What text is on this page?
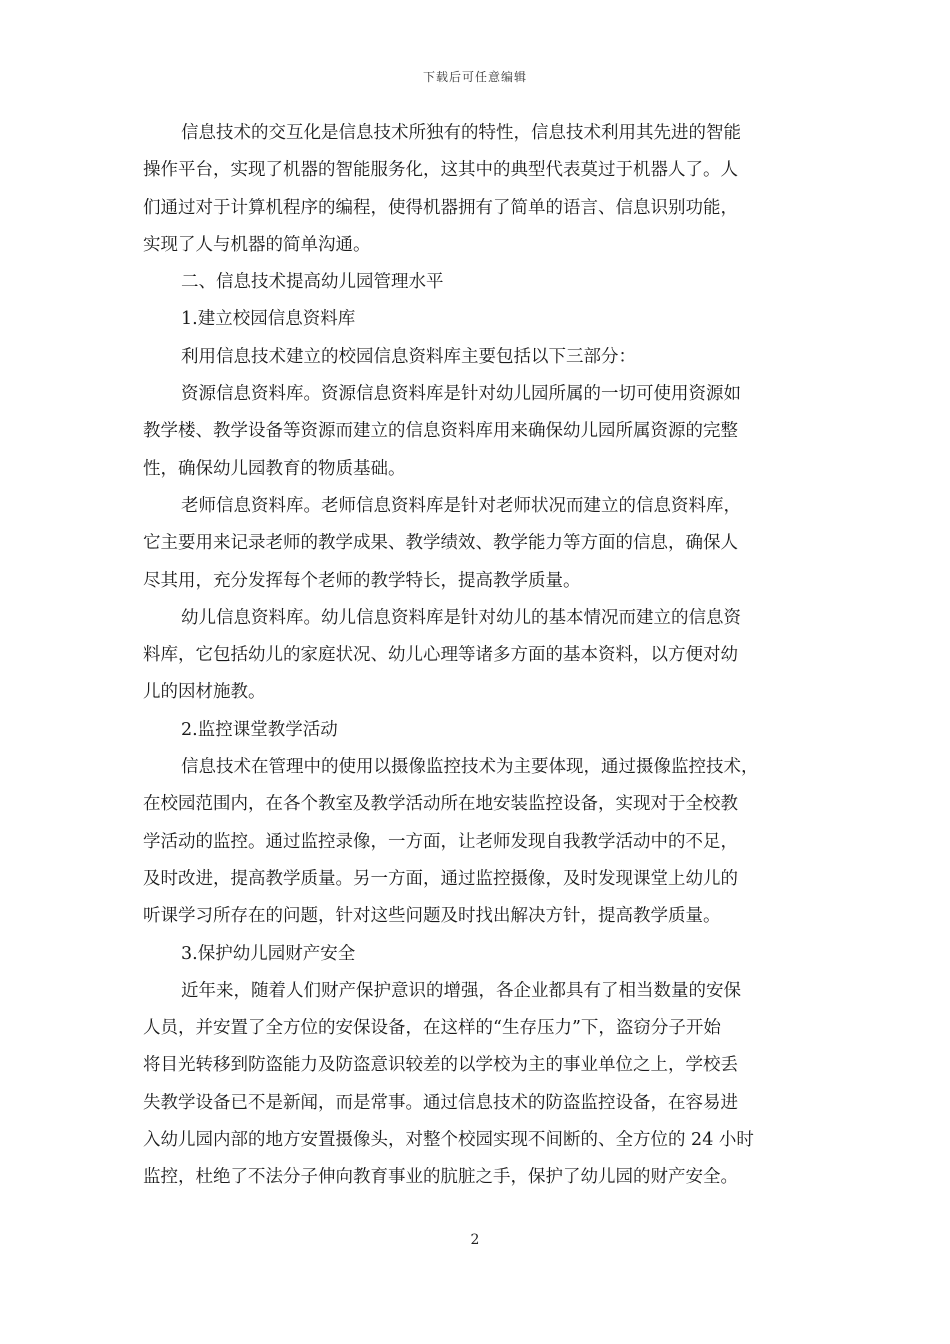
下载后可任意编辑
信息技术的交互化是信息技术所独有的特性，信息技术利用其先进的智能
操作平台，实现了机器的智能服务化，这其中的典型代表莫过于机器人了。人
们通过对于计算机程序的编程，使得机器拥有了简单的语言、信息识别功能，
实现了人与机器的简单沟通。
二、信息技术提高幼儿园管理水平
1.建立校园信息资料库
利用信息技术建立的校园信息资料库主要包括以下三部分：
资源信息资料库。资源信息资料库是针对幼儿园所属的一切可使用资源如
教学楼、教学设备等资源而建立的信息资料库用来确保幼儿园所属资源的完整
性，确保幼儿园教育的物质基础。
老师信息资料库。老师信息资料库是针对老师状况而建立的信息资料库，
它主要用来记录老师的教学成果、教学绩效、教学能力等方面的信息，确保人
尽其用，充分发挥每个老师的教学特长，提高教学质量。
幼儿信息资料库。幼儿信息资料库是针对幼儿的基本情况而建立的信息资
料库，它包括幼儿的家庭状况、幼儿心理等诸多方面的基本资料，以方便对幼
儿的因材施教。
2.监控课堂教学活动
信息技术在管理中的使用以摄像监控技术为主要体现，通过摄像监控技术，
在校园范围内，在各个教室及教学活动所在地安装监控设备，实现对于全校教
学活动的监控。通过监控录像，一方面，让老师发现自我教学活动中的不足，
及时改进，提高教学质量。另一方面，通过监控摄像，及时发现课堂上幼儿的
听课学习所存在的问题，针对这些问题及时找出解决方针，提高教学质量。
3.保护幼儿园财产安全
近年来，随着人们财产保护意识的增强，各企业都具有了相当数量的安保
人员，并安置了全方位的安保设备，在这样的“生存压力”下，盗窃分子开始
将目光转移到防盗能力及防盗意识较差的以学校为主的事业单位之上，学校丢
失教学设备已不是新闻，而是常事。通过信息技术的防盗监控设备，在容易进
入幼儿园内部的地方安置摄像头，对整个校园实现不间断的、全方位的 24 小时
监控，杜绝了不法分子伸向教育事业的肮脏之手，保护了幼儿园的财产安全。
2
